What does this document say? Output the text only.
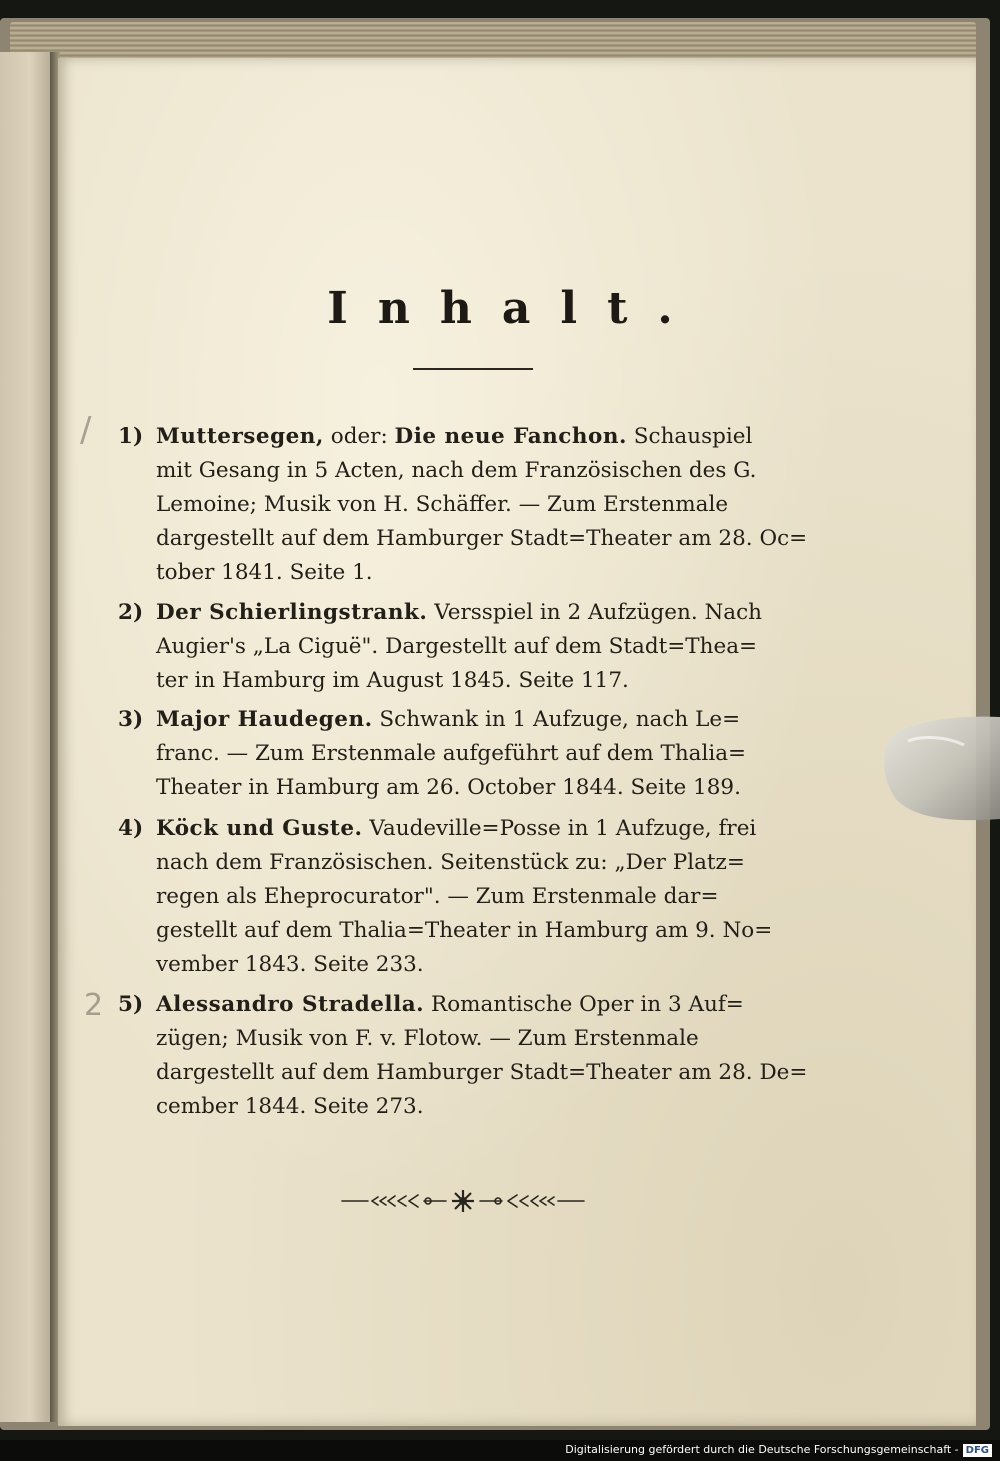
Inhalt.
1) Muttersegen, oder: Die neue Fanchon. Schauspiel
mit Gesang in 5 Acten, nach dem Französischen des G.
Lemoine; Musik von H. Schäffer. — Zum Erstenmale
dargestellt auf dem Hamburger Stadt=Theater am 28. Oc=
tober 1841. Seite 1.
2) Der Schierlingstrank. Versspiel in 2 Aufzügen. Nach
Augier's „La Ciguë". Dargestellt auf dem Stadt=Thea=
ter in Hamburg im August 1845. Seite 117.
3) Major Haudegen. Schwank in 1 Aufzuge, nach Le=
franc. — Zum Erstenmale aufgeführt auf dem Thalia=
Theater in Hamburg am 26. October 1844. Seite 189.
4) Köck und Guste. Vaudeville=Posse in 1 Aufzuge, frei
nach dem Französischen. Seitenstück zu: „Der Platz=
regen als Eheprocurator". — Zum Erstenmale dar=
gestellt auf dem Thalia=Theater in Hamburg am 9. No=
vember 1843. Seite 233.
5) Alessandro Stradella. Romantische Oper in 3 Auf=
zügen; Musik von F. v. Flotow. — Zum Erstenmale
dargestellt auf dem Hamburger Stadt=Theater am 28. De=
cember 1844. Seite 273.
/
2
Digitalisierung gefördert durch die Deutsche Forschungsgemeinschaft - DFG
